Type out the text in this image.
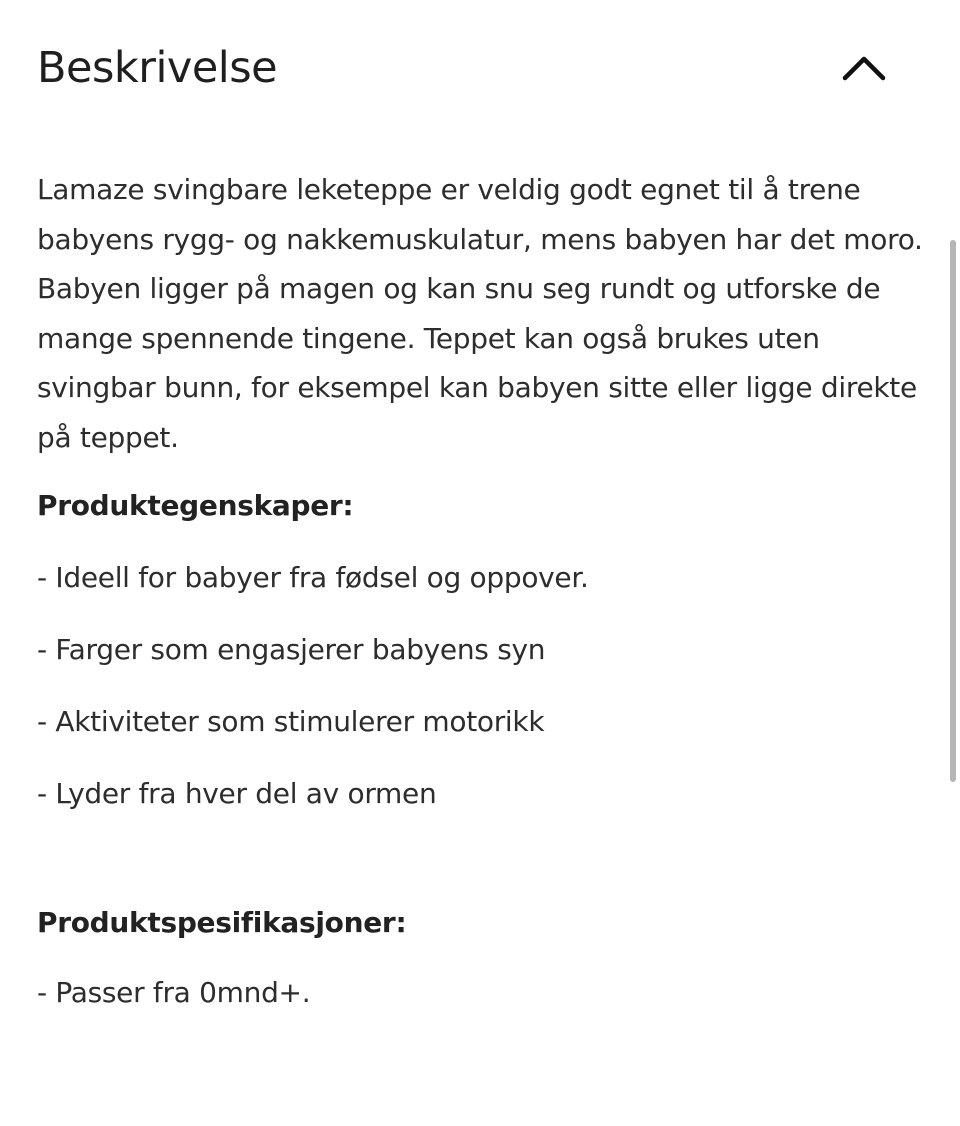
Beskrivelse

Lamaze svingbare leketeppe er veldig godt egnet til å trene babyens rygg- og nakkemuskulatur, mens babyen har det moro. Babyen ligger på magen og kan snu seg rundt og utforske de mange spennende tingene. Teppet kan også brukes uten svingbar bunn, for eksempel kan babyen sitte eller ligge direkte på teppet.

Produktegenskaper:

- Ideell for babyer fra fødsel og oppover.
- Farger som engasjerer babyens syn
- Aktiviteter som stimulerer motorikk
- Lyder fra hver del av ormen

Produktspesifikasjoner:

- Passer fra 0mnd+.
